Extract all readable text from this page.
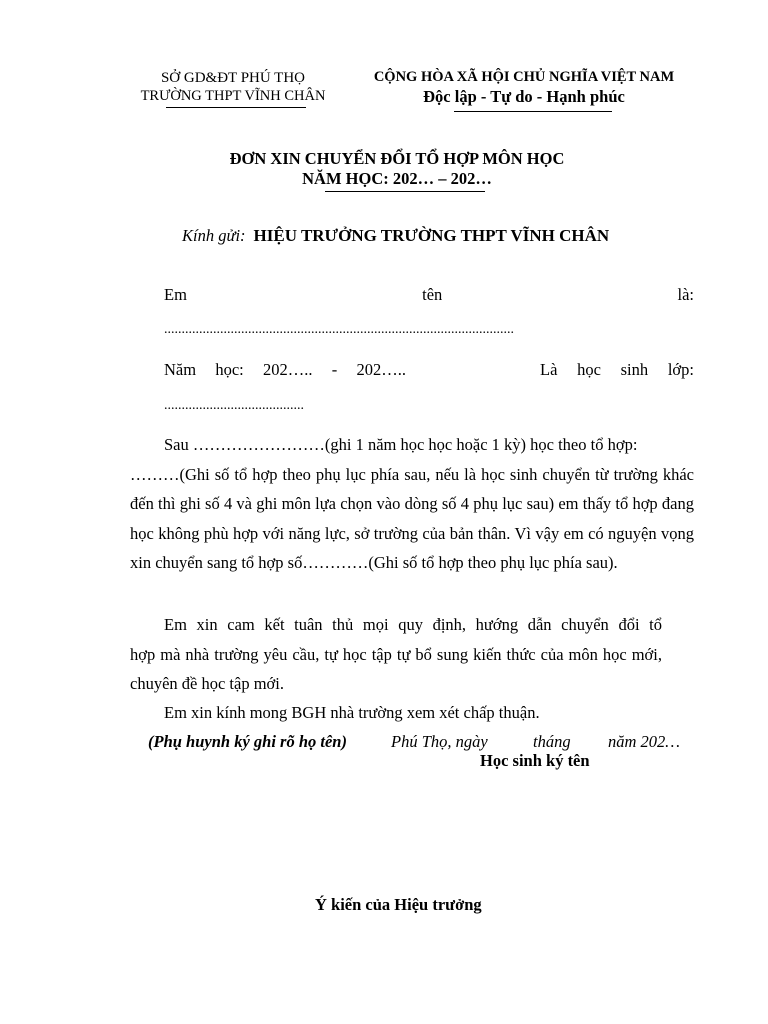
SỞ GD&ĐT PHÚ THỌ
TRƯỜNG THPT VĨNH CHÂN
CỘNG HÒA XÃ HỘI CHỦ NGHĨA VIỆT NAM
Độc lập - Tự do - Hạnh phúc
ĐƠN XIN CHUYỂN ĐỔI TỔ HỢP MÔN HỌC
NĂM HỌC: 202… – 202…
Kính gửi: HIỆU TRƯỞNG TRƯỜNG THPT VĨNH CHÂN
Em	tên	là:
....................................................................................................
Năm học: 202….. - 202…..	Là học sinh lớp:
........................................

Sau ……………………(ghi 1 năm học học hoặc 1 kỳ) học theo tổ hợp:

………(Ghi số tổ hợp theo phụ lục phía sau, nếu là học sinh chuyển từ trường khác đến thì ghi số 4 và ghi môn lựa chọn vào dòng số 4 phụ lục sau) em thấy tổ hợp đang học không phù hợp với năng lực, sở trường của bản thân. Vì vậy em có nguyện vọng xin chuyển sang tổ hợp số…………(Ghi số tổ hợp theo phụ lục phía sau).

Em xin cam kết tuân thủ mọi quy định, hướng dẫn chuyển đổi tổ

hợp mà nhà trường yêu cầu, tự học tập tự bổ sung kiến thức của môn học mới, chuyên đề học tập mới.

Em xin kính mong BGH nhà trường xem xét chấp thuận.
(Phụ huynh ký ghi rõ họ tên)	Phú Thọ, ngày	tháng năm 202…
Học sinh ký tên
Ý kiến của Hiệu trưởng
